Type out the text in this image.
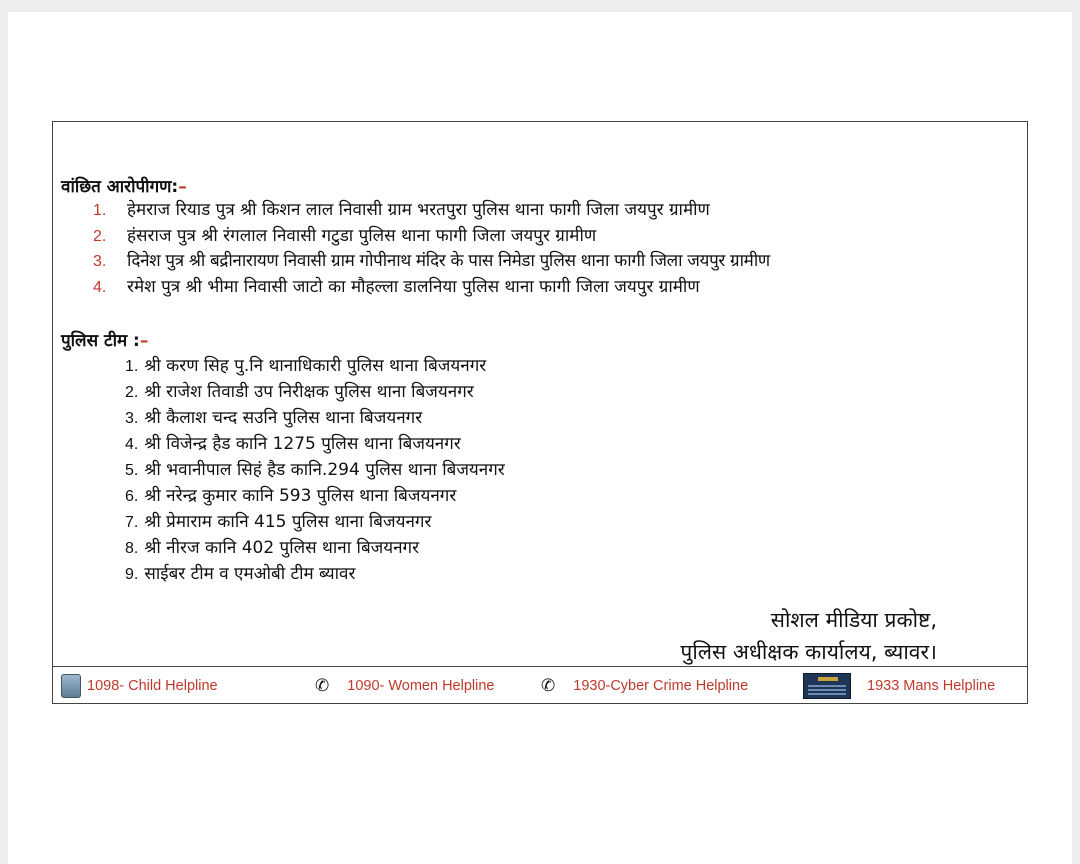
वांछित आरोपीगण:–
1. हेमराज रियाड पुत्र श्री किशन लाल निवासी ग्राम भरतपुरा पुलिस थाना फागी जिला जयपुर ग्रामीण
2. हंसराज पुत्र श्री रंगलाल निवासी गटुडा पुलिस थाना फागी जिला जयपुर ग्रामीण
3. दिनेश पुत्र श्री बद्रीनारायण निवासी ग्राम गोपीनाथ मंदिर के पास निमेडा पुलिस थाना फागी जिला जयपुर ग्रामीण
4. रमेश पुत्र श्री भीमा निवासी जाटो का मौहल्ला डालनिया पुलिस थाना फागी जिला जयपुर ग्रामीण
पुलिस टीम :–
1. श्री करण सिह पु.नि थानाधिकारी पुलिस थाना बिजयनगर
2. श्री राजेश तिवाडी उप निरीक्षक पुलिस थाना बिजयनगर
3. श्री कैलाश चन्द सउनि पुलिस थाना बिजयनगर
4. श्री विजेन्द्र हैड कानि 1275 पुलिस थाना बिजयनगर
5. श्री भवानीपाल सिहं हैड कानि.294 पुलिस थाना बिजयनगर
6. श्री नरेन्द्र कुमार कानि 593 पुलिस थाना बिजयनगर
7. श्री प्रेमाराम कानि 415 पुलिस थाना बिजयनगर
8. श्री नीरज कानि 402 पुलिस थाना बिजयनगर
9. साईबर टीम व एमओबी टीम ब्यावर
सोशल मीडिया प्रकोष्ट,
पुलिस अधीक्षक कार्यालय, ब्यावर।
1098- Child Helpline	✆ 1090- Women Helpline	✆ 1930-Cyber Crime Helpline	1933 Mans Helpline
